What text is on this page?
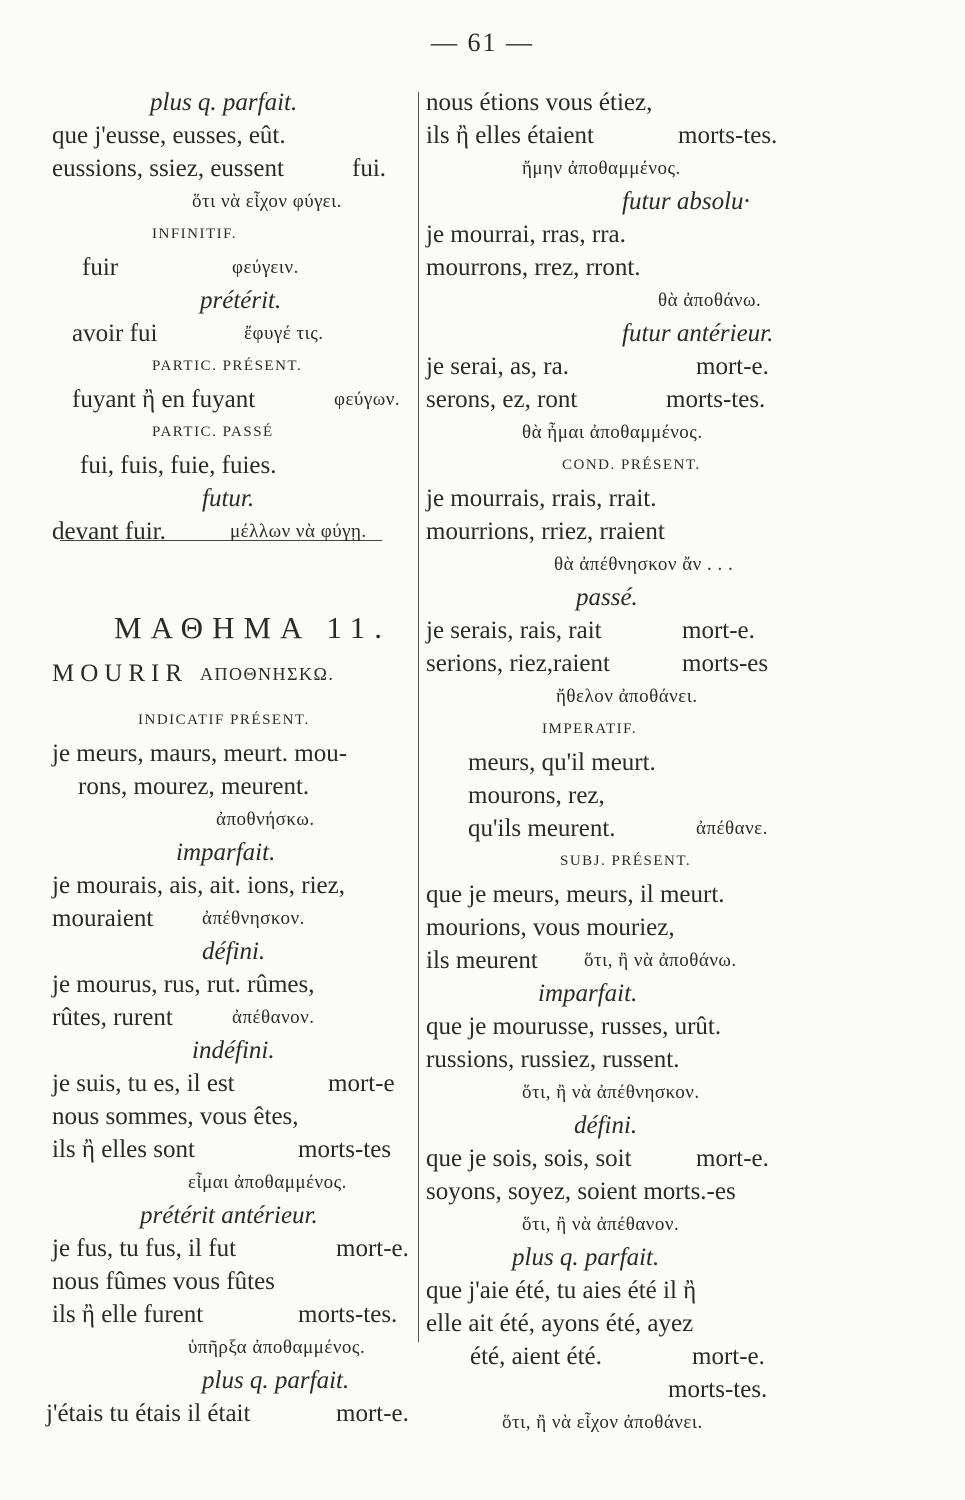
— 61 —
plus q. parfait.
que j'eusse, eusses, eût.
eussions, ssiez, eussent	fui.
ὅτι νὰ εἶχον φύγει.
INFINITIF.
fuir	φεύγειν.
prétérit.
avoir fui	ἔφυγέ τις.
PARTIC. PRÉSENT.
fuyant ἢ en fuyant	φεύγων.
PARTIC. PASSÉ
fui, fuis, fuie, fuies.
futur.
devant fuir.	μέλλων νὰ φύγῃ.
ΜΑΘΗΜΑ 11.
MOURIR ΑΠΟΘΝΗΣΚΩ.
INDICATIF PRÉSENT.
je meurs, maurs, meurt. mou-
rons, mourez, meurent.
ἀποθνήσκω.
imparfait.
je mourais, ais, ait. ions, riez,
mouraient	ἀπέθνησκον.
défini.
je mourus, rus, rut. rûmes,
rûtes, rurent	ἀπέθανον.
indéfini.
je suis, tu es, il est	mort-e
nous sommes, vous êtes,
ils ἢ elles sont	morts-tes
εἶμαι ἀποθαμμένος.
prétérit antérieur.
je fus, tu fus, il fut	mort-e.
nous fûmes vous fûtes
ils ἢ elle furent	morts-tes.
ὑπῆρξα ἀποθαμμένος.
plus q. parfait.
j'étais tu étais il était	mort-e.
nous étions vous étiez,
ils ἢ elles étaient	morts-tes.
ἤμην ἀποθαμμένος.
futur absolu·
je mourrai, rras, rra.
mourrons, rrez, rront.
θὰ ἀποθάνω.
futur antérieur.
je serai, as, ra.	mort-e.
serons, ez, ront	morts-tes.
θὰ ἦμαι ἀποθαμμένος.
COND. PRÉSENT.
je mourrais, rrais, rrait.
mourrions, rriez, rraient
θὰ ἀπέθνησκον ἄν . . .
passé.
je serais, rais, rait	mort-e.
serions, riez,raient	morts-es
ἤθελον ἀποθάνει.
IMPERATIF.
meurs, qu'il meurt.
mourons, rez,
qu'ils meurent.	ἀπέθανε.
SUBJ. PRÉSENT.
que je meurs, meurs, il meurt.
mourions, vous mouriez,
ils meurent ὅτι, ἢ νὰ ἀποθάνω.
imparfait.
que je mourusse, russes, urût.
russions, russiez, russent.
ὅτι, ἢ νὰ ἀπέθνησκον.
défini.
que je sois, sois, soit	mort-e.
soyons, soyez, soient morts.-es
ὅτι, ἢ νὰ ἀπέθανον.
plus q. parfait.
que j'aie été, tu aies été il ἢ
elle ait été, ayons été, ayez
été, aient été.	mort-e.
morts-tes.
ὅτι, ἢ νὰ εἶχον ἀποθάνει.
